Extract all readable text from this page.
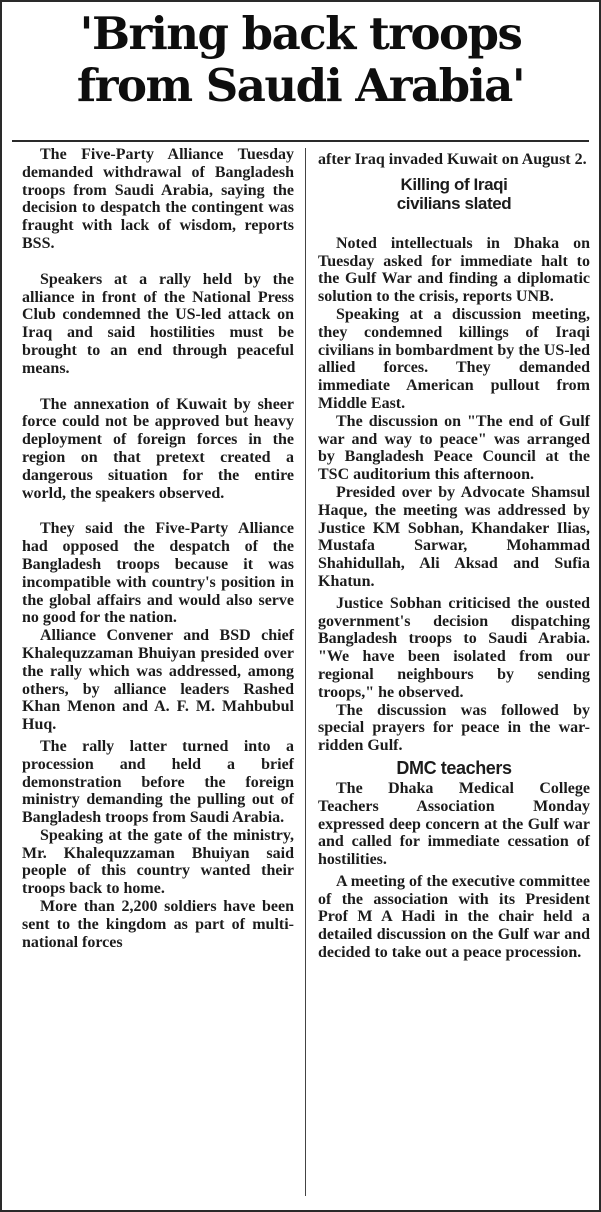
'Bring back troops
from Saudi Arabia'

The Five-Party Alliance Tuesday demanded withdrawal of Bangladesh troops from Saudi Arabia, saying the decision to despatch the contingent was fraught with lack of wisdom, reports BSS.

Speakers at a rally held by the alliance in front of the National Press Club condemned the US-led attack on Iraq and said hostilities must be brought to an end through peaceful means.

The annexation of Kuwait by sheer force could not be approved but heavy deployment of foreign forces in the region on that pretext created a dangerous situation for the entire world, the speakers observed.

They said the Five-Party Alliance had opposed the despatch of the Bangladesh troops because it was incompatible with country's position in the global affairs and would also serve no good for the nation.

Alliance Convener and BSD chief Khalequzzaman Bhuiyan presided over the rally which was addressed, among others, by alliance leaders Rashed Khan Menon and A. F. M. Mahbubul Huq.

The rally latter turned into a procession and held a brief demonstration before the foreign ministry demanding the pulling out of Bangladesh troops from Saudi Arabia.

Speaking at the gate of the ministry, Mr. Khalequzzaman Bhuiyan said people of this country wanted their troops back to home.

More than 2,200 soldiers have been sent to the kingdom as part of multi-national forces

after Iraq invaded Kuwait on August 2.

Killing of Iraqi
civilians slated

Noted intellectuals in Dhaka on Tuesday asked for immediate halt to the Gulf War and finding a diplomatic solution to the crisis, reports UNB.

Speaking at a discussion meeting, they condemned killings of Iraqi civilians in bombardment by the US-led allied forces. They demanded immediate American pullout from Middle East.

The discussion on "The end of Gulf war and way to peace" was arranged by Bangladesh Peace Council at the TSC auditorium this afternoon.

Presided over by Advocate Shamsul Haque, the meeting was addressed by Justice KM Sobhan, Khandaker Ilias, Mustafa Sarwar, Mohammad Shahidullah, Ali Aksad and Sufia Khatun.

Justice Sobhan criticised the ousted government's decision dispatching Bangladesh troops to Saudi Arabia. "We have been isolated from our regional neighbours by sending troops," he observed.

The discussion was followed by special prayers for peace in the war-ridden Gulf.

DMC teachers

The Dhaka Medical College Teachers Association Monday expressed deep concern at the Gulf war and called for immediate cessation of hostilities.

A meeting of the executive committee of the association with its President Prof M A Hadi in the chair held a detailed discussion on the Gulf war and decided to take out a peace procession.
